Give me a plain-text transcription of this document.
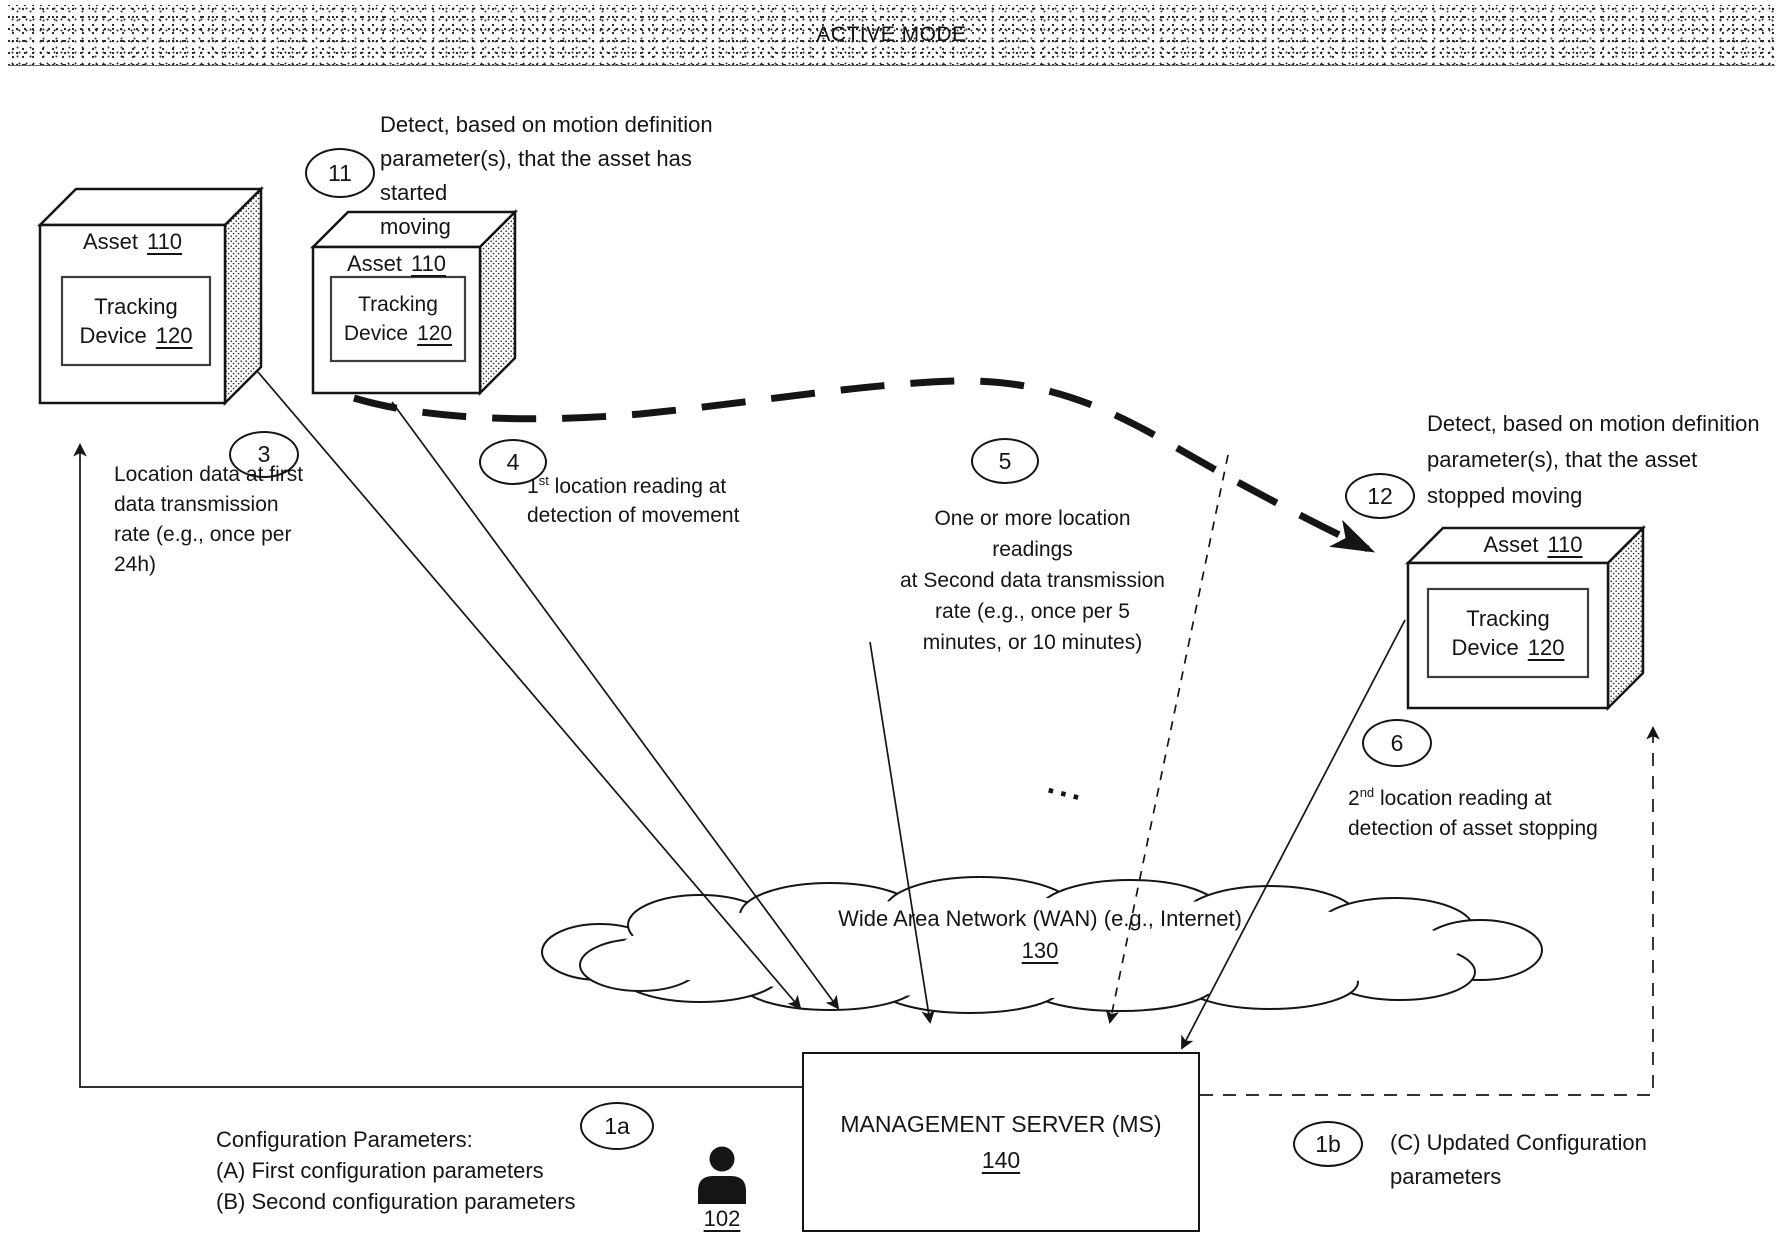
ACTIVE MODE
Asset 110
Tracking
Device 120
Asset 110
Tracking
Device 120
Asset 110
Tracking
Device 120
11
3	4	5
12
6
1a
1b
Detect, based on motion definition
parameter(s), that the asset has started
moving
Location data at first
data transmission
rate (e.g., once per
24h)
1st location reading at
detection of movement	One or more location
readings
at Second data transmission
rate (e.g., once per 5
minutes, or 10 minutes)
Detect, based on motion definition
parameter(s), that the asset
stopped moving
2nd location reading at
detection of asset stopping
...
Wide Area Network (WAN) (e.g., Internet)
130
MANAGEMENT SERVER (MS)
140
Configuration Parameters:
(A) First configuration parameters
(B) Second configuration parameters
102
(C) Updated Configuration
parameters
